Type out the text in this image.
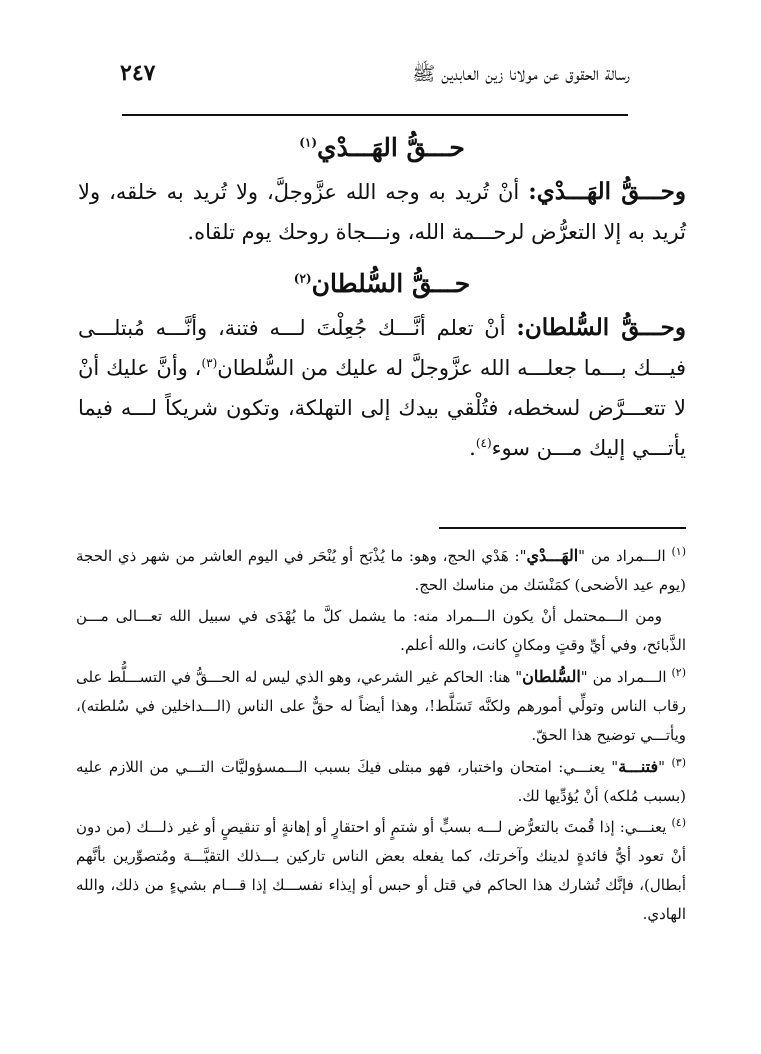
رسالة الحقوق عن مولانا زين العابدين ﷺ
٢٤٧
حـــقُّ الهَـــدْي$^{(١)}$

وحـــقُّ الهَـــدْي: أنْ تُريد به وجه الله عزَّوجلَّ، ولا تُريد به خلقه، ولا تُريد به إلا التعرُّض لرحـــمة الله، ونـــجاة روحك يوم تلقاه.

حـــقُّ السُّلطان$^{(٢)}$

وحـــقُّ السُّلطان: أنْ تعلم أنَّـــك جُعِلْتَ لـــه فتنة، وأنَّـــه مُبتلـــى فيـــك بـــما جعلـــه الله عزَّوجلَّ له عليك من السُّلطان$^{(٣)}$، وأنَّ عليك أنْ لا تتعـــرَّض لسخطه، فتُلْقي بيدك إلى التهلكة، وتكون شريكاً لـــه فيما يأتـــي إليك مـــن سوء$^{(٤)}$.

$^{(١)}$ الـــمراد من "الهَـــدْي": هَدْي الحج، وهو: ما يُذْبَح أو يُنْحَر في اليوم العاشر من شهر ذي الحجة (يوم عيد الأضحى) كمَنْسَك من مناسك الحج.

ومن الـــمحتمل أنْ يكون الـــمراد منه: ما يشمل كلَّ ما يُهْدَى في سبيل الله تعـــالى مـــن الذَّبائح، وفي أيِّ وقتٍ ومكانٍ كانت، والله أعلم.

$^{(٢)}$ الـــمراد من "السُّلطان" هنا: الحاكم غير الشرعي، وهو الذي ليس له الحـــقُّ في التســـلُّط على رقاب الناس وتولِّي أمورهم ولكنَّه تَسَلَّط!، وهذا أيضاً له حقٌّ على الناس (الـــداخلين في سُلطته)، ويأتـــي توضيح هذا الحقّ.

$^{(٣)}$ "فتنـــة" يعنـــي: امتحان واختبار، فهو مبتلى فيكَ بسبب الـــمسؤوليَّات التـــي من اللازم عليه (بسبب مُلكه) أنْ يُؤدِّيها لك.

$^{(٤)}$ يعنـــي: إذا قُمتَ بالتعرُّض لـــه بسبٍّ أو شتمٍ أو احتقارٍ أو إهانةٍ أو تنقيصٍ أو غير ذلـــك (من دون أنْ تعود أيُّ فائدةٍ لدينك وآخرتك، كما يفعله بعض الناس تاركين بـــذلك التقيَّـــة ومُتصوِّرين بأنَّهم أبطال)، فإنَّك تُشارك هذا الحاكم في قتل أو حبس أو إيذاء نفســـك إذا قـــام بشيءٍ من ذلك، والله الهادي.
